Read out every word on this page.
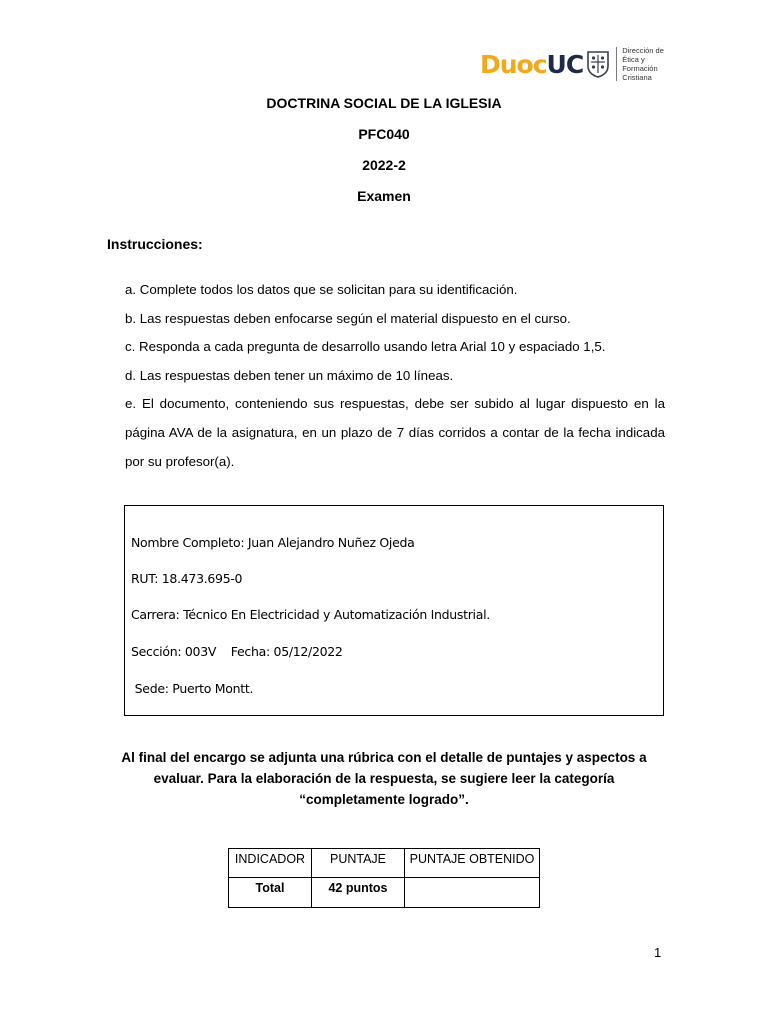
Duoc UC	Dirección de Ética y Formación Cristiana
DOCTRINA SOCIAL DE LA IGLESIA
PFC040
2022-2
Examen
Instrucciones:

a. Complete todos los datos que se solicitan para su identificación.

b. Las respuestas deben enfocarse según el material dispuesto en el curso.

c. Responda a cada pregunta de desarrollo usando letra Arial 10 y espaciado 1,5.

d. Las respuestas deben tener un máximo de 10 líneas.

e. El documento, conteniendo sus respuestas, debe ser subido al lugar dispuesto en la página AVA de la asignatura, en un plazo de 7 días corridos a contar de la fecha indicada por su profesor(a).

Nombre Completo: Juan Alejandro Nuñez Ojeda
RUT: 18.473.695-0
Carrera: Técnico En Electricidad y Automatización Industrial.
Sección: 003V    Fecha: 05/12/2022
Sede: Puerto Montt.
Al final del encargo se adjunta una rúbrica con el detalle de puntajes y aspectos a evaluar. Para la elaboración de la respuesta, se sugiere leer la categoría “completamente logrado”.
INDICADOR	PUNTAJE	PUNTAJE OBTENIDO
Total	42 puntos	
1
